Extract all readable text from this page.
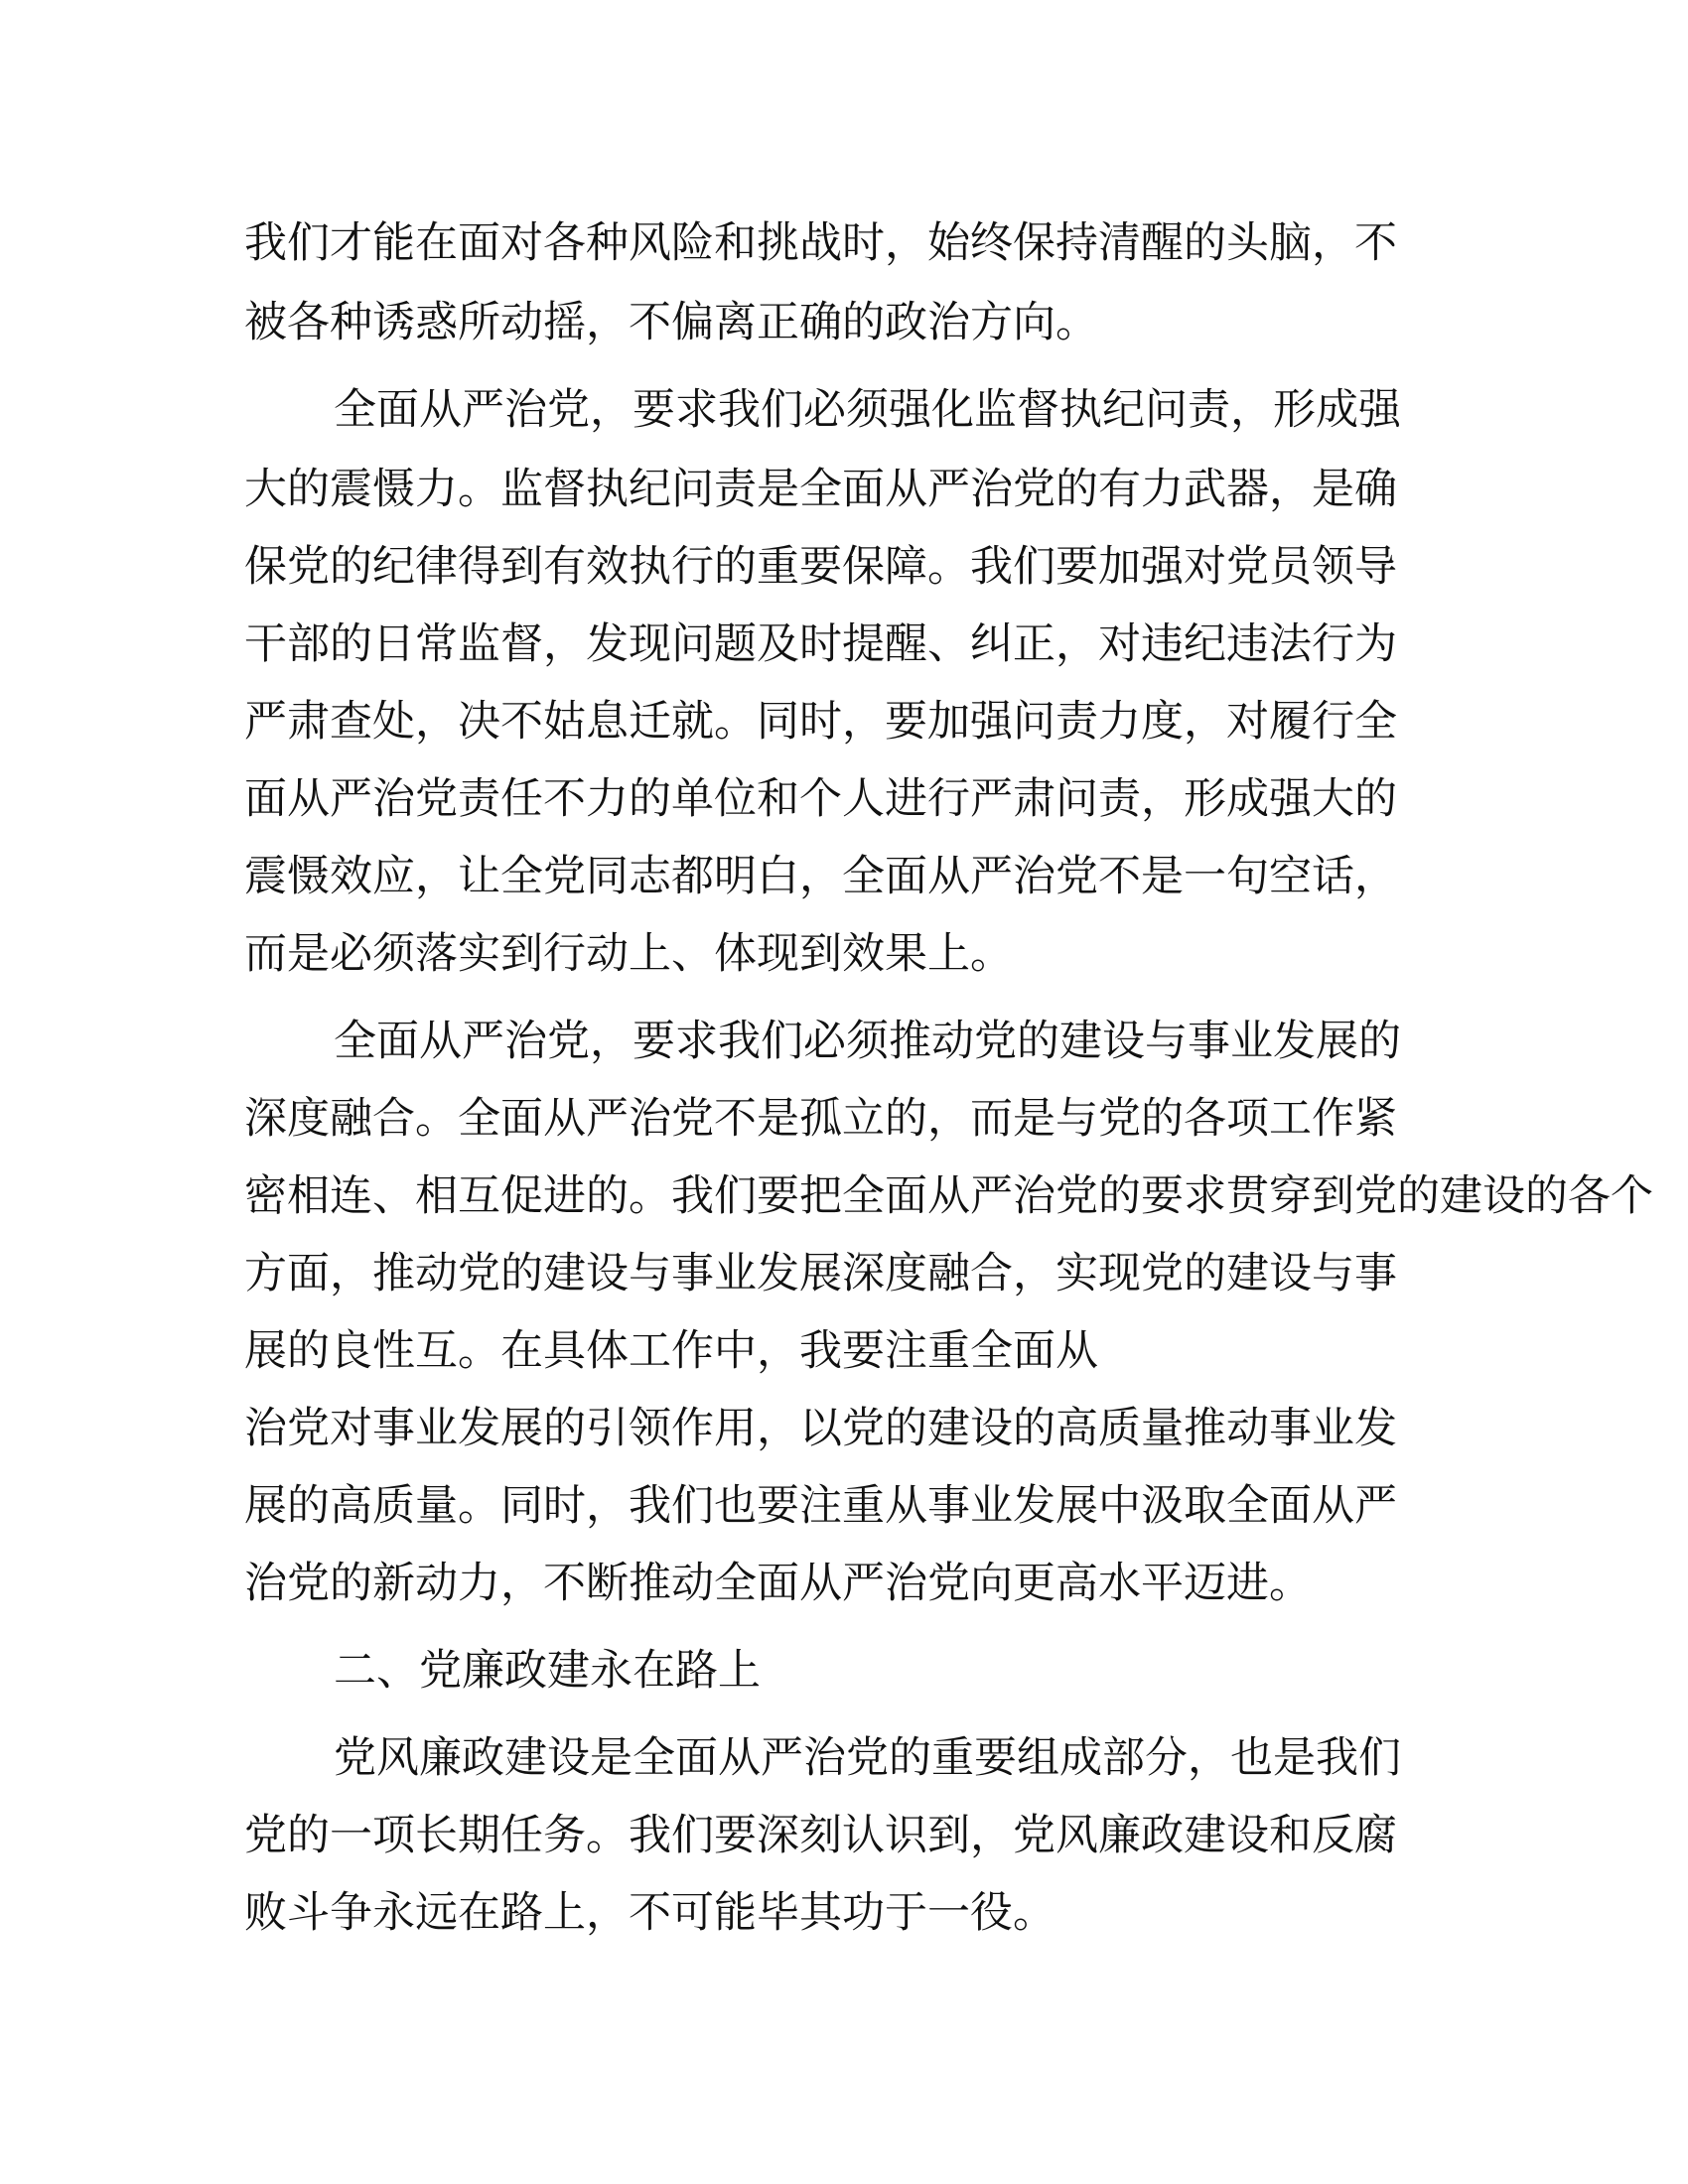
我们才能在面对各种风险和挑战时，始终保持清醒的头脑，不
被各种诱惑所动摇，不偏离正确的政治方向。
全面从严治党，要求我们必须强化监督执纪问责，形成强
大的震慑力。监督执纪问责是全面从严治党的有力武器，是确
保党的纪律得到有效执行的重要保障。我们要加强对党员领导
干部的日常监督，发现问题及时提醒、纠正，对违纪违法行为
严肃查处，决不姑息迁就。同时，要加强问责力度，对履行全
面从严治党责任不力的单位和个人进行严肃问责，形成强大的
震慑效应，让全党同志都明白，全面从严治党不是一句空话，
而是必须落实到行动上、体现到效果上。
全面从严治党，要求我们必须推动党的建设与事业发展的
深度融合。全面从严治党不是孤立的，而是与党的各项工作紧
密相连、相互促进的。我们要把全面从严治党的要求贯穿到党的建设的各个
方面，推动党的建设与事业发展深度融合，实现党的建设与事
展的良性互。在具体工作中，我要注重全面从
治党对事业发展的引领作用，以党的建设的高质量推动事业发
展的高质量。同时，我们也要注重从事业发展中汲取全面从严
治党的新动力，不断推动全面从严治党向更高水平迈进。
二、党廉政建永在路上
党风廉政建设是全面从严治党的重要组成部分，也是我们
党的一项长期任务。我们要深刻认识到，党风廉政建设和反腐
败斗争永远在路上，不可能毕其功于一役。
